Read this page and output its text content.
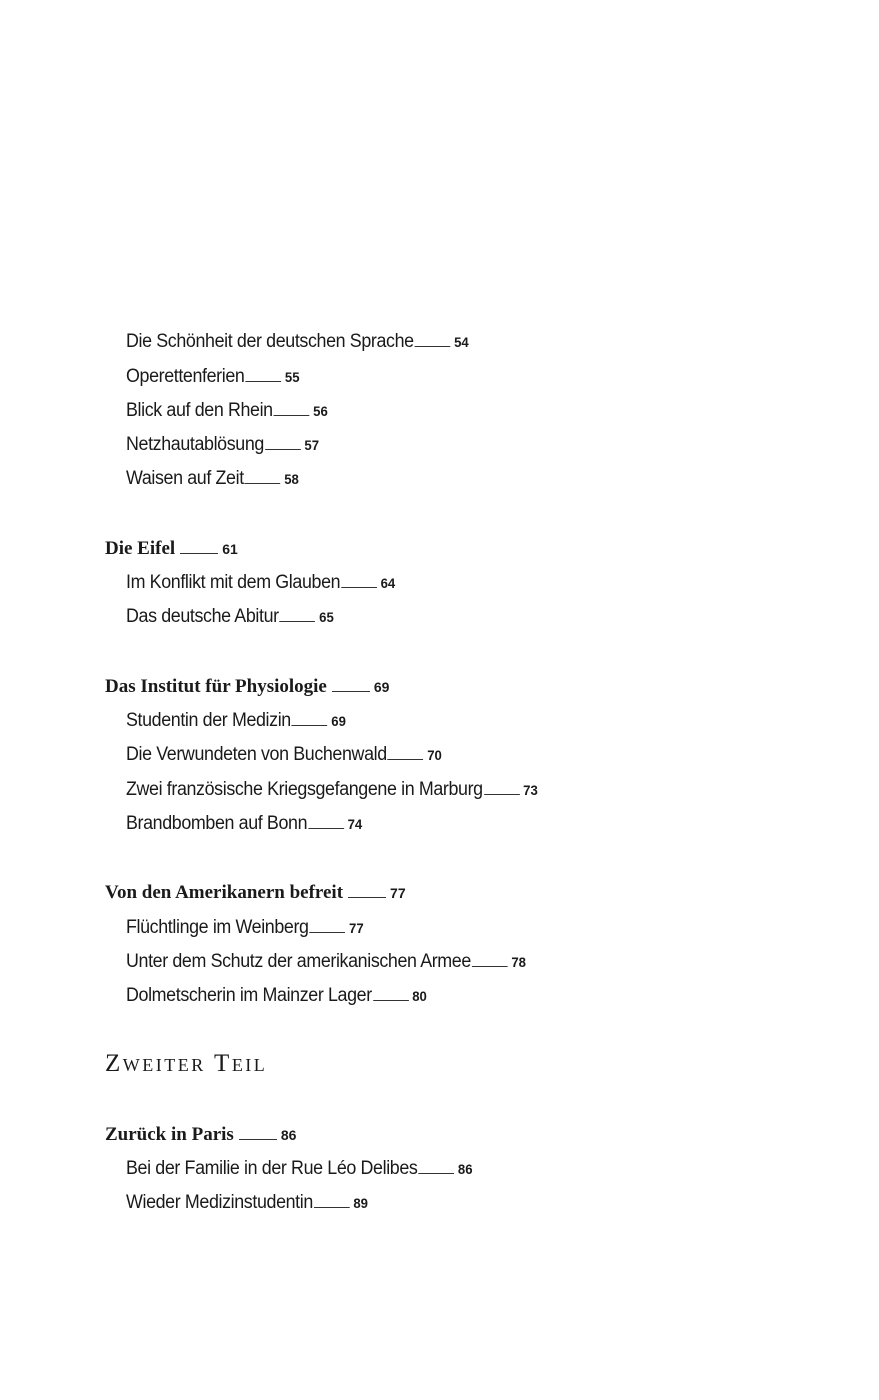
Die Schönheit der deutschen Sprache	54
Operettenferien	55
Blick auf den Rhein	56
Netzhautablösung	57
Waisen auf Zeit	58
Die Eifel	61
Im Konflikt mit dem Glauben	64
Das deutsche Abitur	65
Das Institut für Physiologie	69
Studentin der Medizin	69
Die Verwundeten von Buchenwald	70
Zwei französische Kriegsgefangene in Marburg	73
Brandbomben auf Bonn	74
Von den Amerikanern befreit	77
Flüchtlinge im Weinberg	77
Unter dem Schutz der amerikanischen Armee	78
Dolmetscherin im Mainzer Lager	80
Zweiter Teil
Zurück in Paris	86
Bei der Familie in der Rue Léo Delibes	86
Wieder Medizinstudentin	89
